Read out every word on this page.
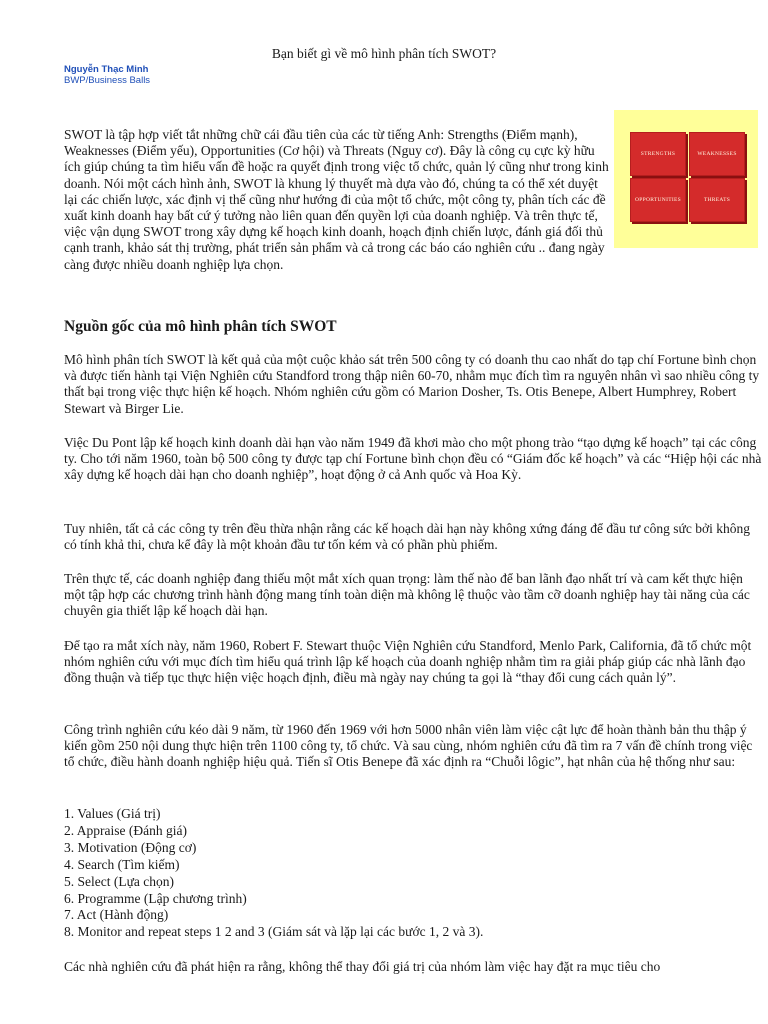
Bạn biết gì về mô hình phân tích SWOT?
Nguyễn Thạc Minh
BWP/Business Balls

SWOT là tập hợp viết tắt những chữ cái đầu tiên của các từ tiếng Anh: Strengths (Điểm mạnh), Weaknesses (Điểm yếu), Opportunities (Cơ hội) và Threats (Nguy cơ). Đây là công cụ cực kỳ hữu ích giúp chúng ta tìm hiểu vấn đề hoặc ra quyết định trong việc tổ chức, quản lý cũng như trong kinh doanh. Nói một cách hình ảnh, SWOT là khung lý thuyết mà dựa vào đó, chúng ta có thể xét duyệt lại các chiến lược, xác định vị thế cũng như hướng đi của một tổ chức, một công ty, phân tích các đề xuất kinh doanh hay bất cứ ý tưởng nào liên quan đến quyền lợi của doanh nghiệp. Và trên thực tế, việc vận dụng SWOT trong xây dựng kế hoạch kinh doanh, hoạch định chiến lược, đánh giá đối thủ cạnh tranh, khảo sát thị trường, phát triển sản phẩm và cả trong các báo cáo nghiên cứu .. đang ngày càng được nhiều doanh nghiệp lựa chọn.

STRENGTHS	WEAKNESSES
OPPORTUNITIES	THREATS
Nguồn gốc của mô hình phân tích SWOT

Mô hình phân tích SWOT là kết quả của một cuộc khảo sát trên 500 công ty có doanh thu cao nhất do tạp chí Fortune bình chọn và được tiến hành tại Viện Nghiên cứu Standford trong thập niên 60-70, nhằm mục đích tìm ra nguyên nhân vì sao nhiều công ty thất bại trong việc thực hiện kế hoạch. Nhóm nghiên cứu gồm có Marion Dosher, Ts. Otis Benepe, Albert Humphrey, Robert Stewart và Birger Lie.

Việc Du Pont lập kế hoạch kinh doanh dài hạn vào năm 1949 đã khơi mào cho một phong trào “tạo dựng kế hoạch” tại các công ty. Cho tới năm 1960, toàn bộ 500 công ty được tạp chí Fortune bình chọn đều có “Giám đốc kế hoạch” và các “Hiệp hội các nhà xây dựng kế hoạch dài hạn cho doanh nghiệp”, hoạt động ở cả Anh quốc và Hoa Kỳ.

Tuy nhiên, tất cả các công ty trên đều thừa nhận rằng các kế hoạch dài hạn này không xứng đáng để đầu tư công sức bởi không có tính khả thi, chưa kể đây là một khoản đầu tư tốn kém và có phần phù phiếm.

Trên thực tế, các doanh nghiệp đang thiếu một mắt xích quan trọng: làm thế nào để ban lãnh đạo nhất trí và cam kết thực hiện một tập hợp các chương trình hành động mang tính toàn diện mà không lệ thuộc vào tầm cỡ doanh nghiệp hay tài năng của các chuyên gia thiết lập kế hoạch dài hạn.

Để tạo ra mắt xích này, năm 1960, Robert F. Stewart thuộc Viện Nghiên cứu Standford, Menlo Park, California, đã tổ chức một nhóm nghiên cứu với mục đích tìm hiểu quá trình lập kế hoạch của doanh nghiệp nhằm tìm ra giải pháp giúp các nhà lãnh đạo đồng thuận và tiếp tục thực hiện việc hoạch định, điều mà ngày nay chúng ta gọi là “thay đổi cung cách quản lý”.

Công trình nghiên cứu kéo dài 9 năm, từ 1960 đến 1969 với hơn 5000 nhân viên làm việc cật lực để hoàn thành bản thu thập ý kiến gồm 250 nội dung thực hiện trên 1100 công ty, tổ chức. Và sau cùng, nhóm nghiên cứu đã tìm ra 7 vấn đề chính trong việc tổ chức, điều hành doanh nghiệp hiệu quả. Tiến sĩ Otis Benepe đã xác định ra “Chuỗi lôgic”, hạt nhân của hệ thống như sau:

1. Values (Giá trị)
2. Appraise (Đánh giá)
3. Motivation (Động cơ)
4. Search (Tìm kiếm)
5. Select (Lựa chọn)
6. Programme (Lập chương trình)
7. Act (Hành động)
8. Monitor and repeat steps 1 2 and 3 (Giám sát và lặp lại các bước 1, 2 và 3).

Các nhà nghiên cứu đã phát hiện ra rằng, không thể thay đổi giá trị của nhóm làm việc hay đặt ra mục tiêu cho
